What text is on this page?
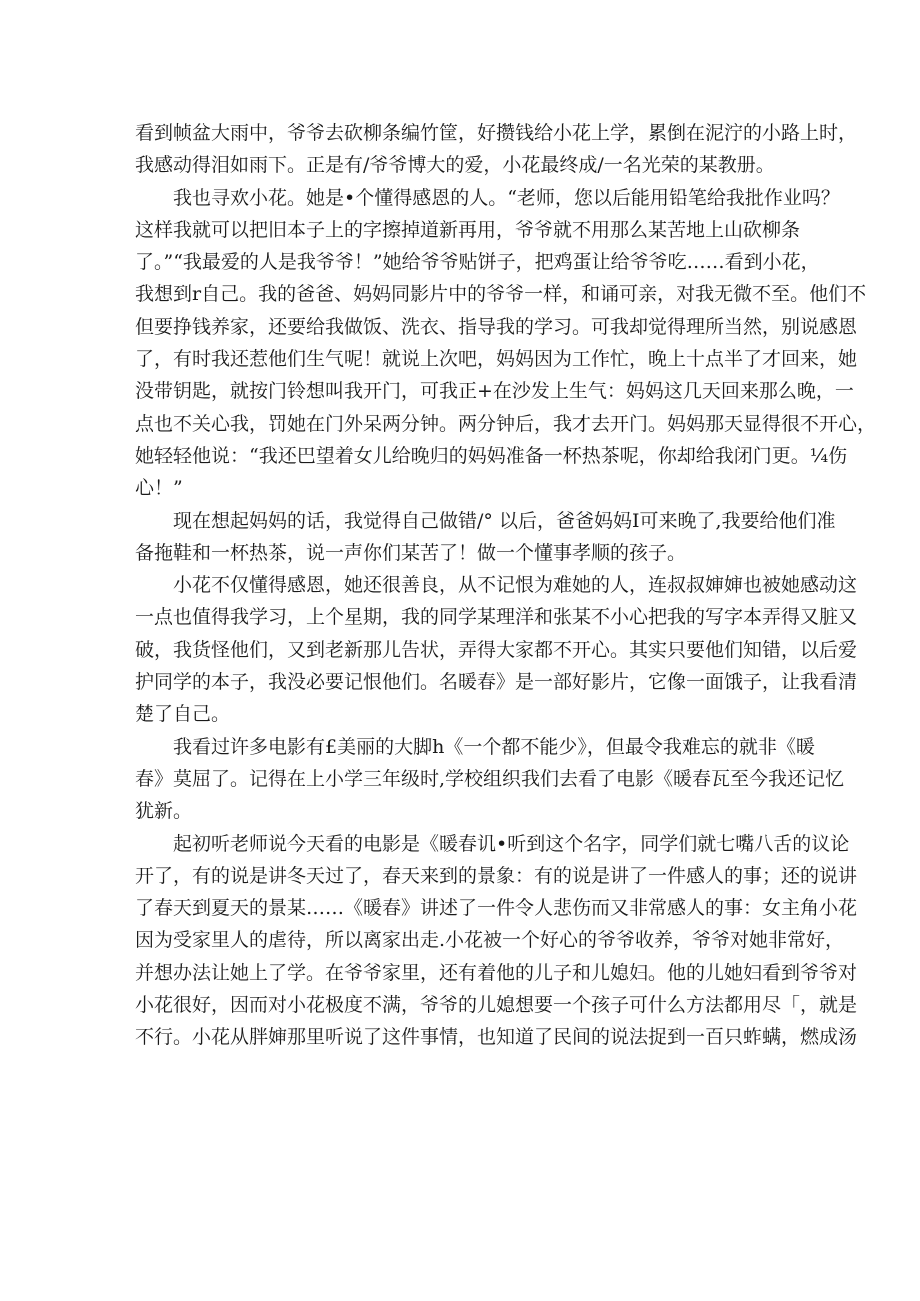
看到帧盆大雨中，爷爷去砍柳条编竹筐，好攒钱给小花上学，累倒在泥泞的小路上时，
我感动得泪如雨下。正是有/爷爷博大的爱，小花最终成/一名光荣的某教册。
我也寻欢小花。她是•个懂得感恩的人。“老师，您以后能用铅笔给我批作业吗？
这样我就可以把旧本子上的字擦掉道新再用，爷爷就不用那么某苦地上山砍柳条
了。”“我最爱的人是我爷爷！”她给爷爷贴饼子，把鸡蛋让给爷爷吃……看到小花，
我想到r自己。我的爸爸、妈妈同影片中的爷爷一样，和诵可亲，对我无微不至。他们不
但要挣钱养家，还要给我做饭、洗衣、指导我的学习。可我却觉得理所当然，别说感恩
了，有时我还惹他们生气呢！就说上次吧，妈妈因为工作忙，晚上十点半了才回来，她
没带钥匙，就按门铃想叫我开门，可我正+在沙发上生气：妈妈这几天回来那么晚，一
点也不关心我，罚她在门外呆两分钟。两分钟后，我才去开门。妈妈那天显得很不开心，
她轻轻他说：“我还巴望着女儿给晚归的妈妈准备一杯热茶呢，你却给我闭门更。¼伤
心！”
现在想起妈妈的话，我觉得自己做错/° 以后，爸爸妈妈I可来晚了,我要给他们准
备拖鞋和一杯热茶，说一声你们某苦了！做一个懂事孝顺的孩子。
小花不仅懂得感恩，她还很善良，从不记恨为难她的人，连叔叔婶婶也被她感动这
一点也值得我学习，上个星期，我的同学某理洋和张某不小心把我的写字本弄得又脏又
破，我货怪他们，又到老新那儿告状，弄得大家都不开心。其实只要他们知错，以后爱
护同学的本子，我没必要记恨他们。名暖春》是一部好影片，它像一面饿子，让我看清
楚了自己。
我看过许多电影有£美丽的大脚h《一个都不能少》，但最令我难忘的就非《暖
春》莫屈了。记得在上小学三年级时,学校组织我们去看了电影《暖春瓦至今我还记忆
犹新。
起初听老师说今天看的电影是《暖春讥•听到这个名字，同学们就七嘴八舌的议论
开了，有的说是讲冬天过了，春天来到的景象：有的说是讲了一件感人的事；还的说讲
了春天到夏天的景某……《暖春》讲述了一件令人悲伤而又非常感人的事：女主角小花
因为受家里人的虐待，所以离家出走.小花被一个好心的爷爷收养，爷爷对她非常好，
并想办法让她上了学。在爷爷家里，还有着他的儿子和儿媳妇。他的儿她妇看到爷爷对
小花很好，因而对小花极度不满，爷爷的儿媳想要一个孩子可什么方法都用尽「，就是
不行。小花从胖婶那里听说了这件事情，也知道了民间的说法捉到一百只蚱螨，燃成汤
